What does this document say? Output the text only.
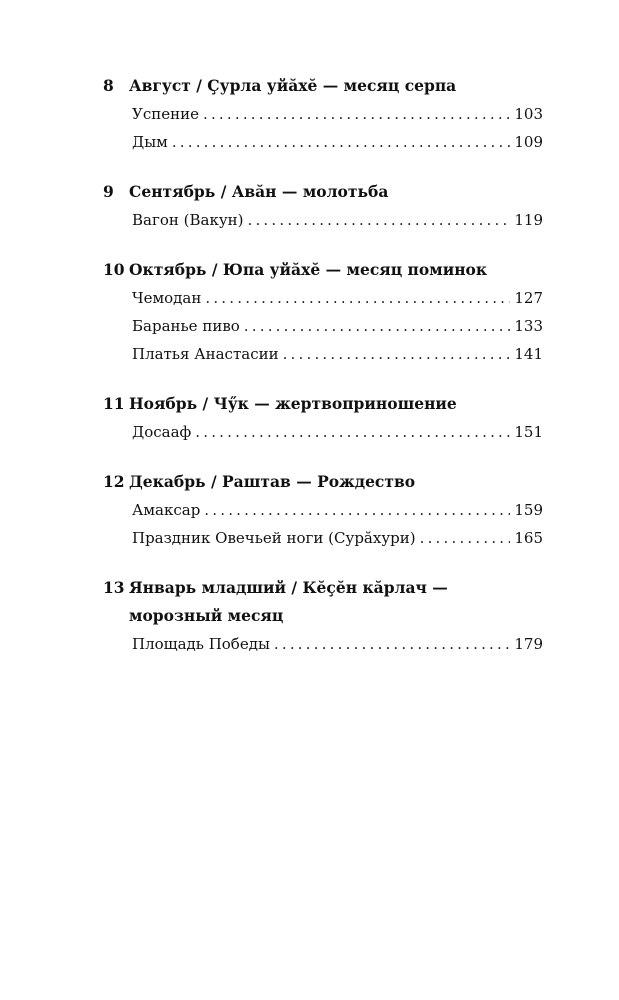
8 Август / Çурла уйăхĕ — месяц серпа
Успение .....	103
Дым .....	109
9 Сентябрь / Авăн — молотьба
Вагон (Вакун) .....	119
10 Октябрь / Юпа уйăхĕ — месяц поминок
Чемодан .....	127
Баранье пиво .....	133
Платья Анастасии .....	141
11 Ноябрь / Чӳк — жертвоприношение
Досааф .....	151
12 Декабрь / Раштав — Рождество
Амаксар .....	159
Праздник Овечьей ноги (Сурăхури) .....	165
13 Январь младший / Кĕçĕн кăрлач —
морозный месяц
Площадь Победы .....	179
